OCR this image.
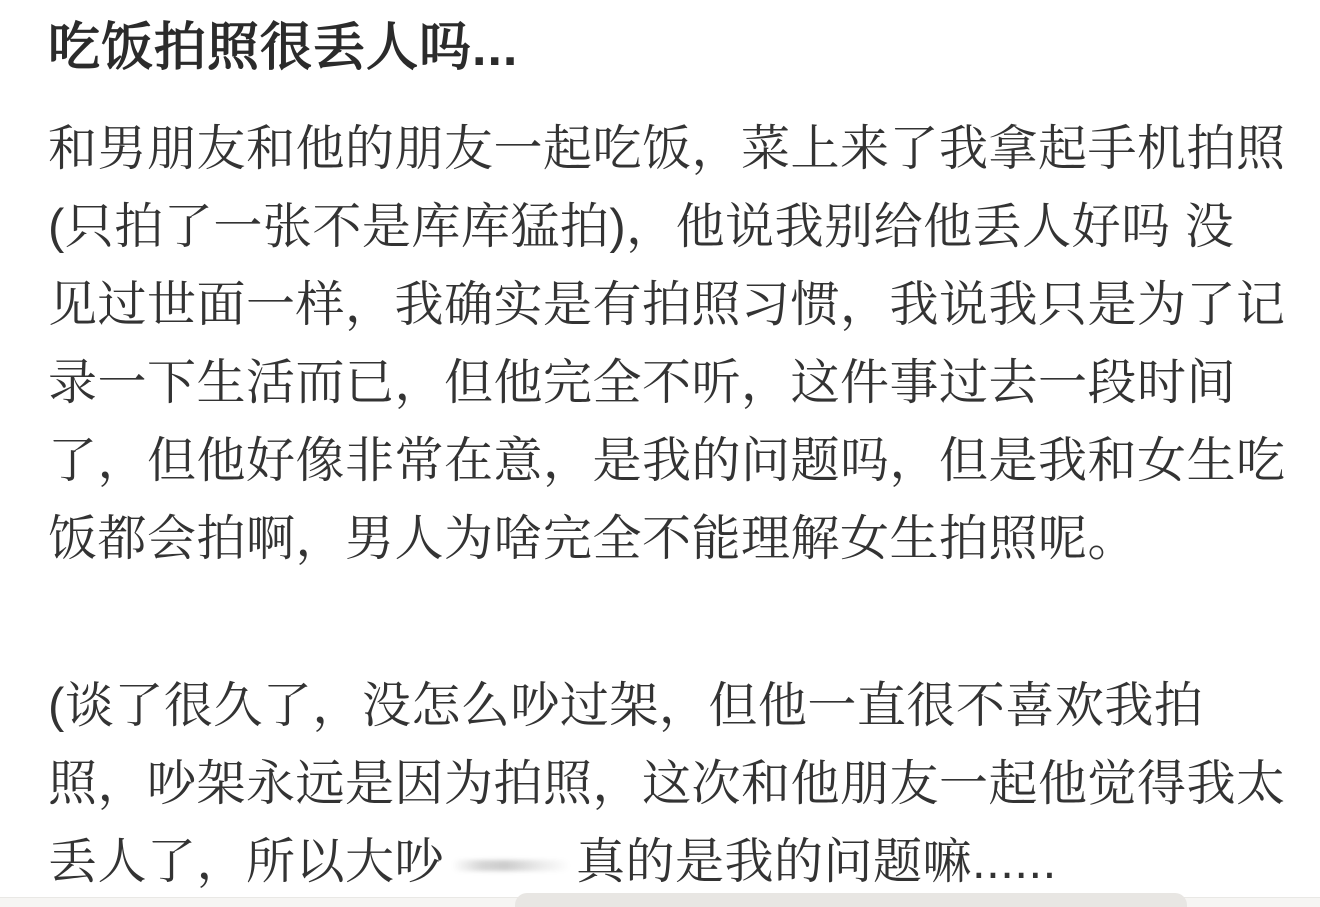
吃饭拍照很丢人吗...
和男朋友和他的朋友一起吃饭，菜上来了我拿起手机拍照
(只拍了一张不是库库猛拍)，他说我别给他丢人好吗 没
见过世面一样，我确实是有拍照习惯，我说我只是为了记
录一下生活而已，但他完全不听，这件事过去一段时间
了，但他好像非常在意，是我的问题吗，但是我和女生吃
饭都会拍啊，男人为啥完全不能理解女生拍照呢。
(谈了很久了，没怎么吵过架，但他一直很不喜欢我拍
照，吵架永远是因为拍照，这次和他朋友一起他觉得我太
丢人了，所以大吵	真的是我的问题嘛......
